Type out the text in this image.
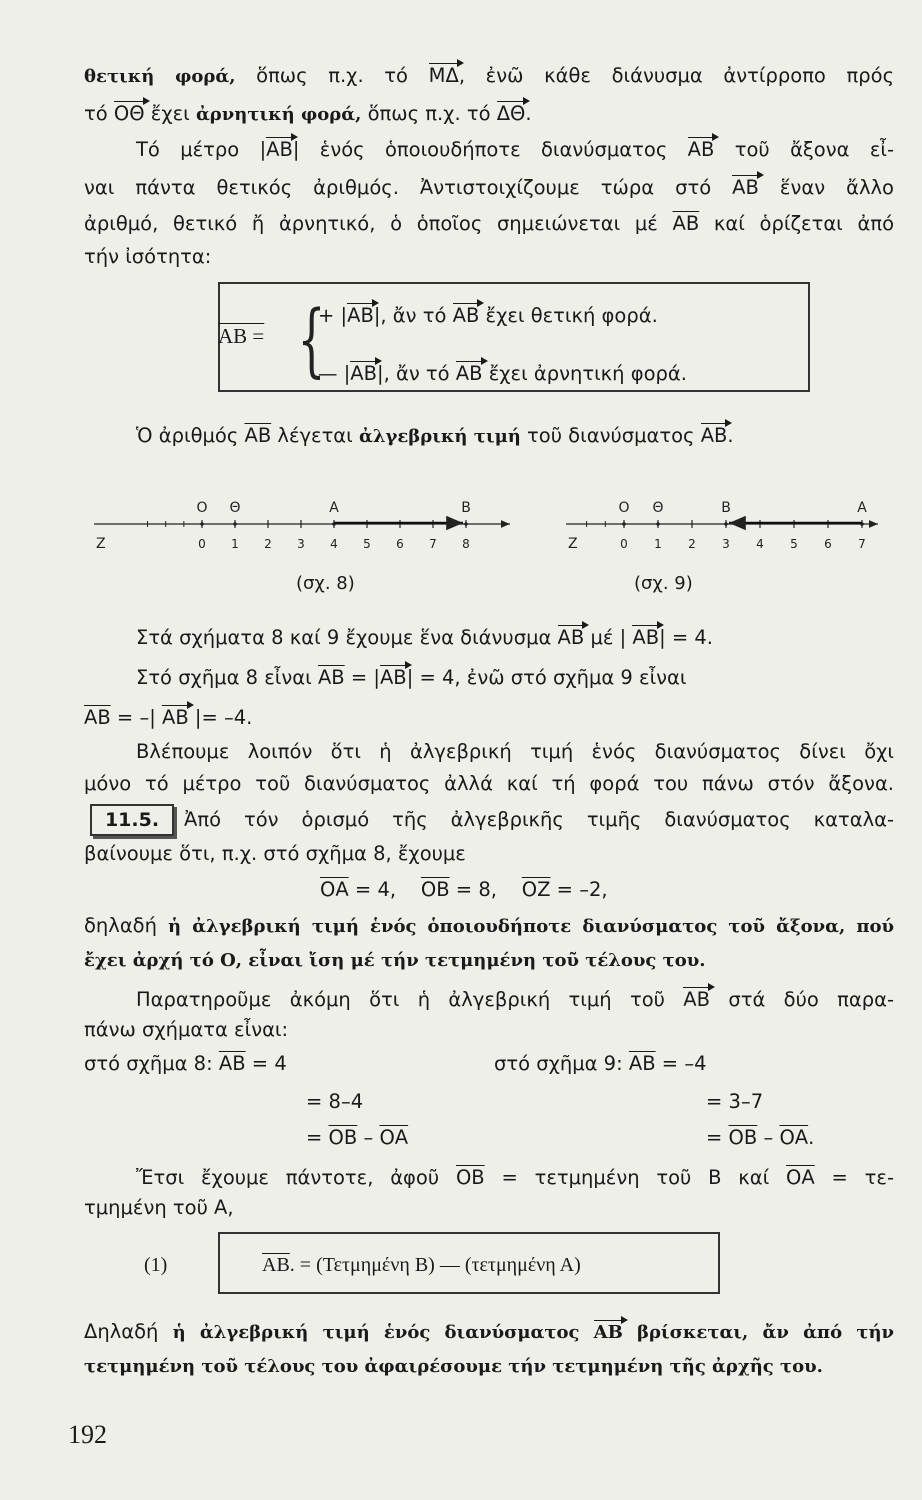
θετική φορά, ὅπως π.χ. τό ΜΔ, ἐνῶ κάθε διάνυσμα ἀντίρροπο πρός
τό ΟΘ ἔχει ἀρνητική φορά, ὅπως π.χ. τό ΔΘ.
Τό μέτρο |ΑΒ| ἑνός ὁποιουδήποτε διανύσματος ΑΒ τοῦ ἄξονα εἶ-
ναι πάντα θετικός ἀριθμός. Ἀντιστοιχίζουμε τώρα στό ΑΒ ἕναν ἄλλο
ἀριθμό, θετικό ἤ ἀρνητικό, ὁ ὁποῖος σημειώνεται μέ $\overline{AB}$ καί ὁρίζεται ἀπό
τήν ἰσότητα:
ΑΒ = {
+ |ΑΒ|, ἄν τό ΑΒ ἔχει θετική φορά.
— |ΑΒ|, ἄν τό ΑΒ ἔχει ἀρνητική φορά.
Ὁ ἀριθμός $\overline{AB}$ λέγεται ἀλγεβρική τιμή τοῦ διανύσματος ΑΒ.
Z	0 1 2 3 4 5 6 7 8
Ο Θ	Α	Β
Z	0 1 2 3 4 5 6 7
Ο Θ	Β	Α
(σχ. 8)	(σχ. 9)
Στά σχήματα 8 καί 9 ἔχουμε ἕνα διάνυσμα ΑΒ μέ | ΑΒ| = 4.
Στό σχῆμα 8 εἶναι $\overline{AB} = |AB| = 4$, ἐνῶ στό σχῆμα 9 εἶναι
$\overline{AB}$ = –| ΑΒ |= –4.
Βλέπουμε λοιπόν ὅτι ἡ ἀλγεβρική τιμή ἑνός διανύσματος δίνει ὄχι
μόνο τό μέτρο τοῦ διανύσματος ἀλλά καί τή φορά του πάνω στόν ἄξονα.
11.5.	Ἀπό τόν ὁρισμό τῆς ἀλγεβρικῆς τιμῆς διανύσματος καταλα-
βαίνουμε ὅτι, π.χ. στό σχῆμα 8, ἔχουμε
$\overline{OA} = 4$, $\overline{OB} = 8$, $\overline{OZ} = -2$,
δηλαδή ἡ ἀλγεβρική τιμή ἑνός ὁποιουδήποτε διανύσματος τοῦ ἄξονα, πού
ἔχει ἀρχή τό Ο, εἶναι ἴση μέ τήν τετμημένη τοῦ τέλους του.
Παρατηροῦμε ἀκόμη ὅτι ἡ ἀλγεβρική τιμή τοῦ ΑΒ στά δύο παρα-
πάνω σχήματα εἶναι:
στό σχῆμα 8: $\overline{AB} = 4$
= 8–4
= $\overline{OB} - \overline{OA}$
στό σχῆμα 9: $\overline{AB} = -4$
= 3–7
= $\overline{OB} - \overline{OA}$.
Ἔτσι ἔχουμε πάντοτε, ἀφοῦ $\overline{OB} = \tau\varepsilon\tau\mu\eta\mu έ\nu\eta$ τοῦ Β καί $\overline{OA} = \tau\varepsilon-$
τμημένη τοῦ Α,
(1)	$\overline{AB}$. = (Τετμημένη Β) — (τετμημένη Α)
Δηλαδή ἡ ἀλγεβρική τιμή ἑνός διανύσματος ΑΒ βρίσκεται, ἄν ἀπό τήν
τετμημένη τοῦ τέλους του ἀφαιρέσουμε τήν τετμημένη τῆς ἀρχῆς του.
192
